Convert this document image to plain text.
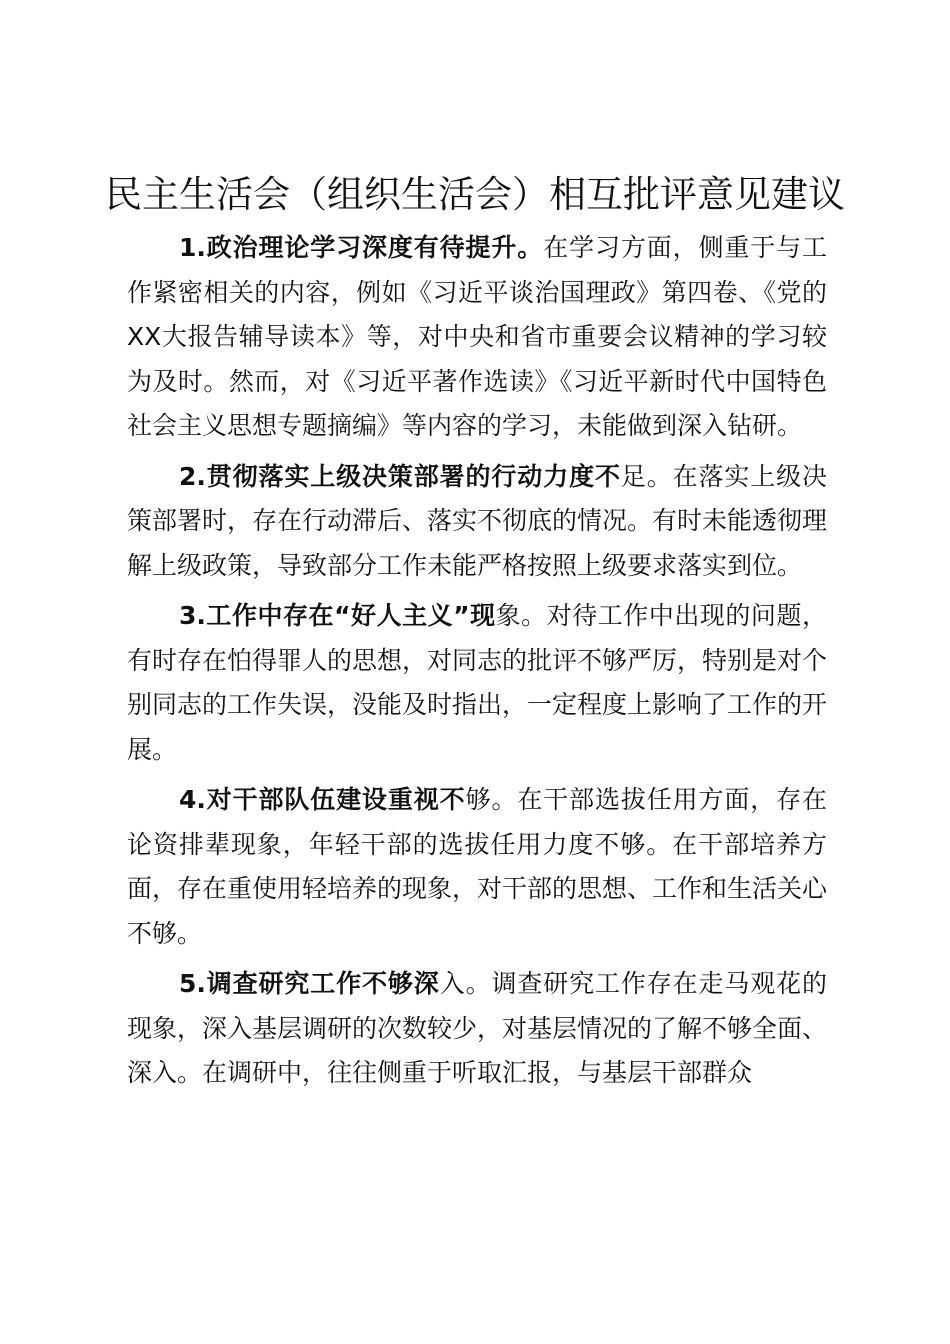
民主生活会（组织生活会）相互批评意见建议

1.政治理论学习深度有待提升。在学习方面，侧重于与工作紧密相关的内容，例如《习近平谈治国理政》第四卷、《党的XX大报告辅导读本》等，对中央和省市重要会议精神的学习较为及时。然而，对《习近平著作选读》《习近平新时代中国特色社会主义思想专题摘编》等内容的学习，未能做到深入钻研。

2.贯彻落实上级决策部署的行动力度不足。在落实上级决策部署时，存在行动滞后、落实不彻底的情况。有时未能透彻理解上级政策，导致部分工作未能严格按照上级要求落实到位。

3.工作中存在“好人主义”现象。对待工作中出现的问题，有时存在怕得罪人的思想，对同志的批评不够严厉，特别是对个别同志的工作失误，没能及时指出，一定程度上影响了工作的开展。

4.对干部队伍建设重视不够。在干部选拔任用方面，存在论资排辈现象，年轻干部的选拔任用力度不够。在干部培养方面，存在重使用轻培养的现象，对干部的思想、工作和生活关心不够。

5.调查研究工作不够深入。调查研究工作存在走马观花的现象，深入基层调研的次数较少，对基层情况的了解不够全面、深入。在调研中，往往侧重于听取汇报，与基层干部群众
